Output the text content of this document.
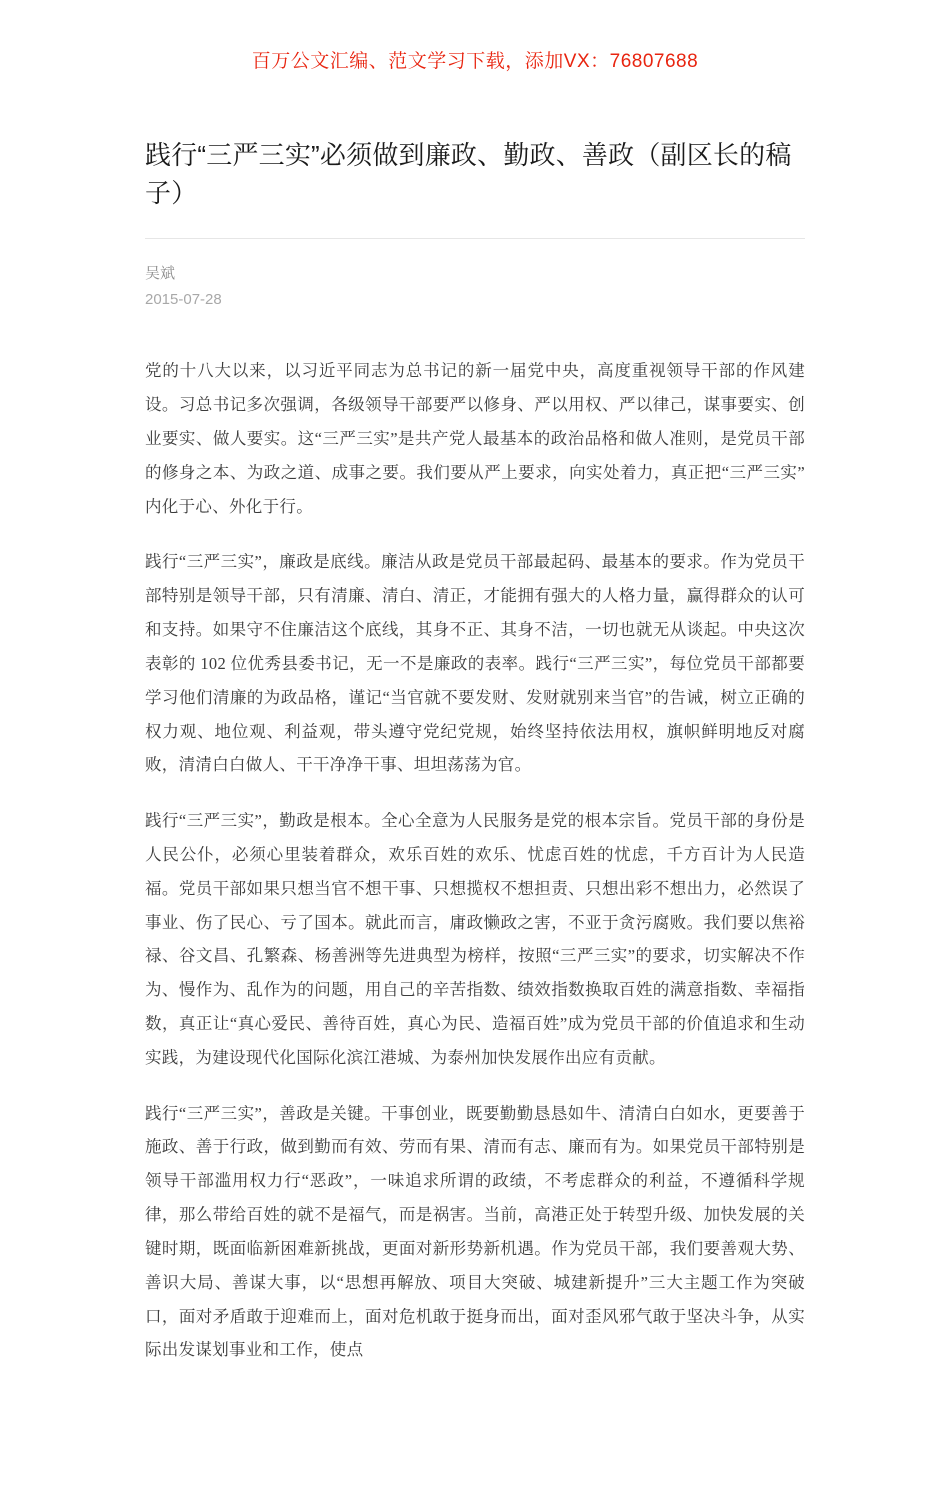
百万公文汇编、范文学习下载，添加VX：76807688
践行“三严三实”必须做到廉政、勤政、善政（副区长的稿子）
吴斌
2015-07-28

党的十八大以来，以习近平同志为总书记的新一届党中央，高度重视领导干部的作风建设。习总书记多次强调，各级领导干部要严以修身、严以用权、严以律己，谋事要实、创业要实、做人要实。这“三严三实”是共产党人最基本的政治品格和做人准则，是党员干部的修身之本、为政之道、成事之要。我们要从严上要求，向实处着力，真正把“三严三实”内化于心、外化于行。

践行“三严三实”，廉政是底线。廉洁从政是党员干部最起码、最基本的要求。作为党员干部特别是领导干部，只有清廉、清白、清正，才能拥有强大的人格力量，赢得群众的认可和支持。如果守不住廉洁这个底线，其身不正、其身不洁，一切也就无从谈起。中央这次表彰的 102 位优秀县委书记，无一不是廉政的表率。践行“三严三实”，每位党员干部都要学习他们清廉的为政品格，谨记“当官就不要发财、发财就别来当官”的告诫，树立正确的权力观、地位观、利益观，带头遵守党纪党规，始终坚持依法用权，旗帜鲜明地反对腐败，清清白白做人、干干净净干事、坦坦荡荡为官。

践行“三严三实”，勤政是根本。全心全意为人民服务是党的根本宗旨。党员干部的身份是人民公仆，必须心里装着群众，欢乐百姓的欢乐、忧虑百姓的忧虑，千方百计为人民造福。党员干部如果只想当官不想干事、只想揽权不想担责、只想出彩不想出力，必然误了事业、伤了民心、亏了国本。就此而言，庸政懒政之害，不亚于贪污腐败。我们要以焦裕禄、谷文昌、孔繁森、杨善洲等先进典型为榜样，按照“三严三实”的要求，切实解决不作为、慢作为、乱作为的问题，用自己的辛苦指数、绩效指数换取百姓的满意指数、幸福指数，真正让“真心爱民、善待百姓，真心为民、造福百姓”成为党员干部的价值追求和生动实践，为建设现代化国际化滨江港城、为泰州加快发展作出应有贡献。

践行“三严三实”，善政是关键。干事创业，既要勤勤恳恳如牛、清清白白如水，更要善于施政、善于行政，做到勤而有效、劳而有果、清而有志、廉而有为。如果党员干部特别是领导干部滥用权力行“恶政”，一味追求所谓的政绩，不考虑群众的利益，不遵循科学规律，那么带给百姓的就不是福气，而是祸害。当前，高港正处于转型升级、加快发展的关键时期，既面临新困难新挑战，更面对新形势新机遇。作为党员干部，我们要善观大势、善识大局、善谋大事，以“思想再解放、项目大突破、城建新提升”三大主题工作为突破口，面对矛盾敢于迎难而上，面对危机敢于挺身而出，面对歪风邪气敢于坚决斗争，从实际出发谋划事业和工作，使点
